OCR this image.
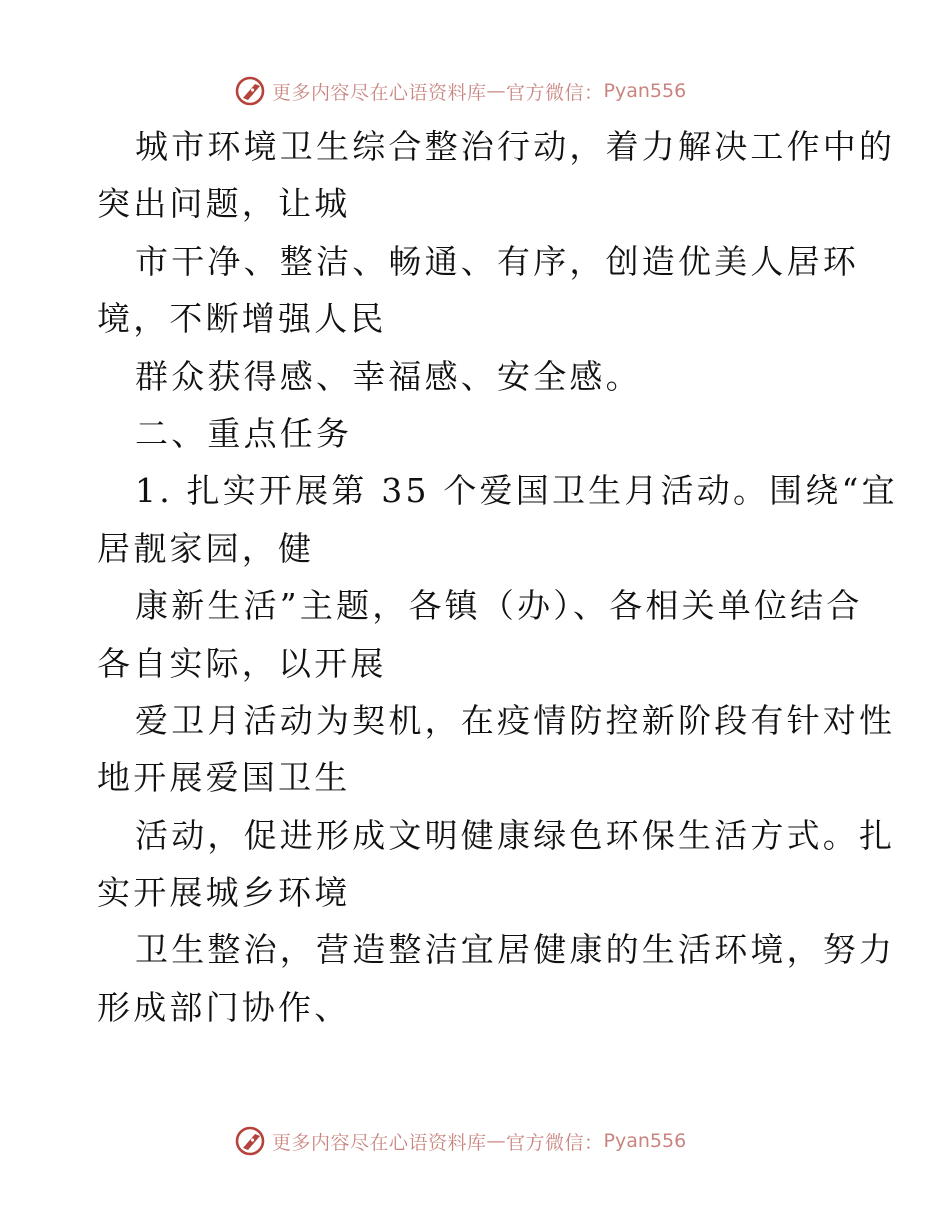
更多内容尽在心语资料库 — 官方微信： Pyan556
城市环境卫生综合整治行动，着力解决工作中的
突出问题，让城
市干净、整洁、畅通、有序，创造优美人居环
境，不断增强人民
群众获得感、幸福感、安全感。
二、重点任务
1. 扎实开展第 35 个爱国卫生月活动。围绕“宜
居靓家园，健
康新生活”主题，各镇（办）、各相关单位结合
各自实际，以开展
爱卫月活动为契机，在疫情防控新阶段有针对性
地开展爱国卫生
活动，促进形成文明健康绿色环保生活方式。扎
实开展城乡环境
卫生整治，营造整洁宜居健康的生活环境，努力
形成部门协作、
更多内容尽在心语资料库 — 官方微信： Pyan556
